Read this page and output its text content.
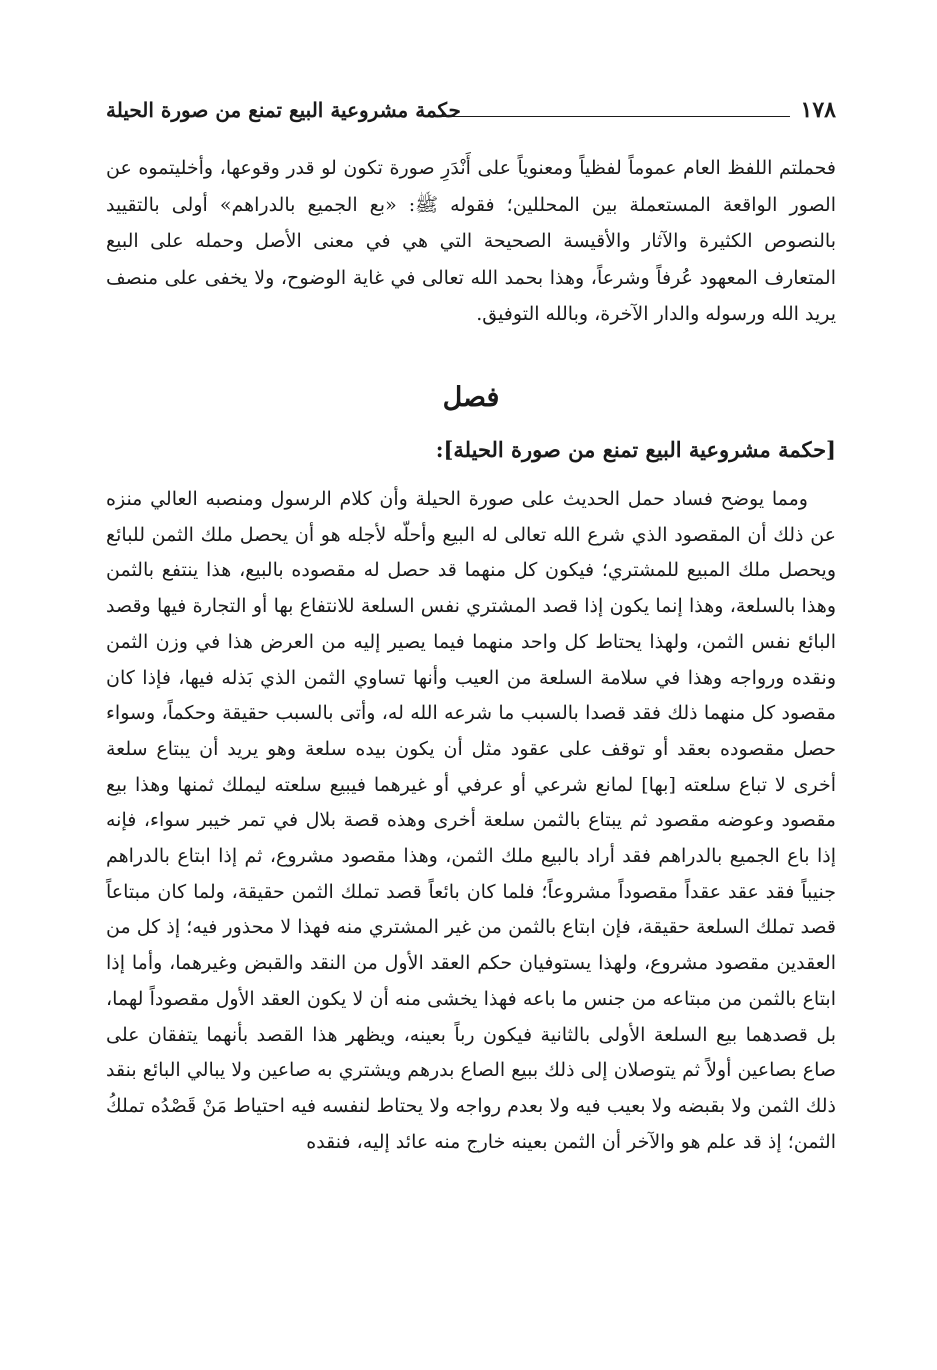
١٧٨
حكمة مشروعية البيع تمنع من صورة الحيلة

فحملتم اللفظ العام عموماً لفظياً ومعنوياً على أَنْدَرِ صورة تكون لو قدر وقوعها، وأخليتموه عن الصور الواقعة المستعملة بين المحللين؛ فقوله ﷺ: «بع الجميع بالدراهم» أولى بالتقييد بالنصوص الكثيرة والآثار والأقيسة الصحيحة التي هي في معنى الأصل وحمله على البيع المتعارف المعهود عُرفاً وشرعاً، وهذا بحمد الله تعالى في غاية الوضوح، ولا يخفى على منصف يريد الله ورسوله والدار الآخرة، وبالله التوفيق.

فصل
[حكمة مشروعية البيع تمنع من صورة الحيلة]:

ومما يوضح فساد حمل الحديث على صورة الحيلة وأن كلام الرسول ومنصبه العالي منزه عن ذلك أن المقصود الذي شرع الله تعالى له البيع وأحلّه لأجله هو أن يحصل ملك الثمن للبائع ويحصل ملك المبيع للمشتري؛ فيكون كل منهما قد حصل له مقصوده بالبيع، هذا ينتفع بالثمن وهذا بالسلعة، وهذا إنما يكون إذا قصد المشتري نفس السلعة للانتفاع بها أو التجارة فيها وقصد البائع نفس الثمن، ولهذا يحتاط كل واحد منهما فيما يصير إليه من العرض هذا في وزن الثمن ونقده ورواجه وهذا في سلامة السلعة من العيب وأنها تساوي الثمن الذي بَذله فيها، فإذا كان مقصود كل منهما ذلك فقد قصدا بالسبب ما شرعه الله له، وأتى بالسبب حقيقة وحكماً، وسواء حصل مقصوده بعقد أو توقف على عقود مثل أن يكون بيده سلعة وهو يريد أن يبتاع سلعة أخرى لا تباع سلعته [بها] لمانع شرعي أو عرفي أو غيرهما فيبيع سلعته ليملك ثمنها وهذا بيع مقصود وعوضه مقصود ثم يبتاع بالثمن سلعة أخرى وهذه قصة بلال في تمر خيبر سواء، فإنه إذا باع الجميع بالدراهم فقد أراد بالبيع ملك الثمن، وهذا مقصود مشروع، ثم إذا ابتاع بالدراهم جنيباً فقد عقد عقداً مقصوداً مشروعاً؛ فلما كان بائعاً قصد تملك الثمن حقيقة، ولما كان مبتاعاً قصد تملك السلعة حقيقة، فإن ابتاع بالثمن من غير المشتري منه فهذا لا محذور فيه؛ إذ كل من العقدين مقصود مشروع، ولهذا يستوفيان حكم العقد الأول من النقد والقبض وغيرهما، وأما إذا ابتاع بالثمن من مبتاعه من جنس ما باعه فهذا يخشى منه أن لا يكون العقد الأول مقصوداً لهما، بل قصدهما بيع السلعة الأولى بالثانية فيكون رباً بعينه، ويظهر هذا القصد بأنهما يتفقان على صاع بصاعين أولاً ثم يتوصلان إلى ذلك ببيع الصاع بدرهم ويشتري به صاعين ولا يبالي البائع بنقد ذلك الثمن ولا بقبضه ولا بعيب فيه ولا بعدم رواجه ولا يحتاط لنفسه فيه احتياط مَنْ قَصْدُه تملكُ الثمن؛ إذ قد علم هو والآخر أن الثمن بعينه خارج منه عائد إليه، فنقده
